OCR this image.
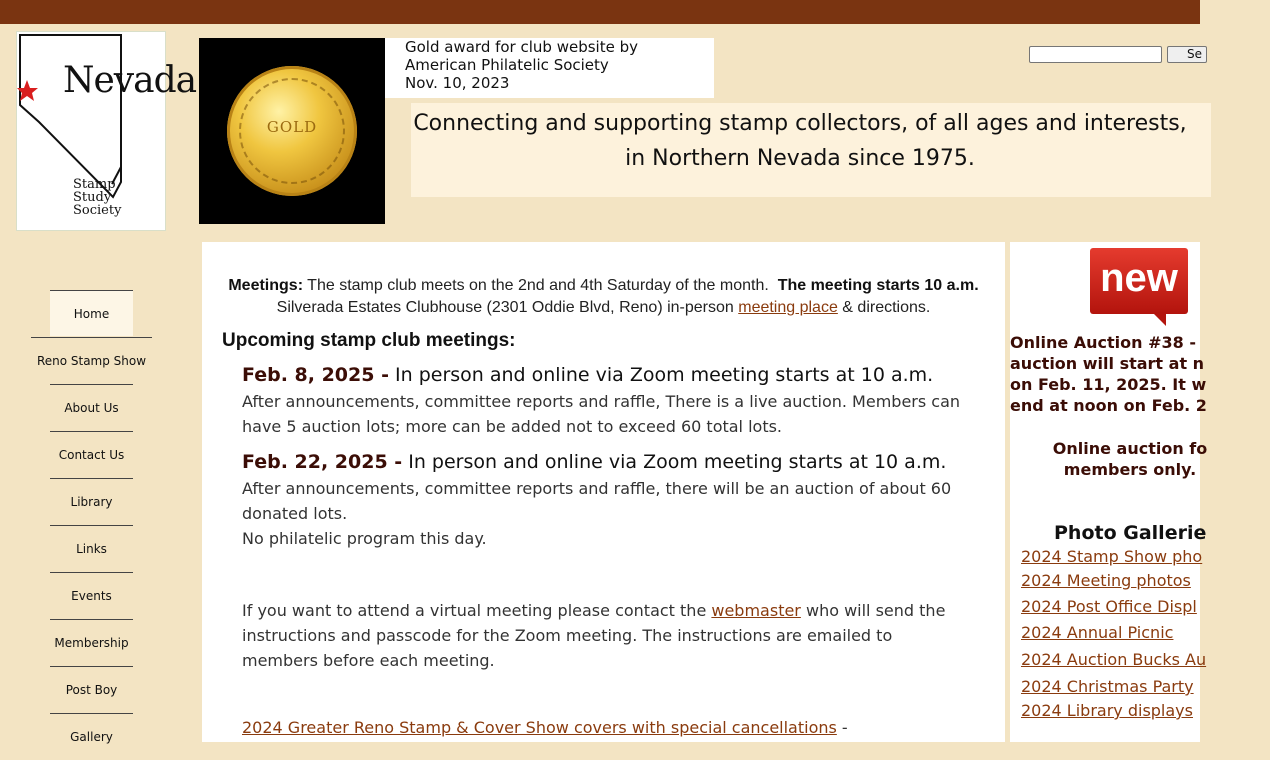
Nevada
Stamp
Study
Society
GOLD
Gold award for club website by
American Philatelic Society
Nov. 10, 2023
Connecting and supporting stamp collectors, of all ages and interests,
in Northern Nevada since 1975.
Se
Home
Reno Stamp Show
About Us
Contact Us
Library
Links
Events
Membership
Post Boy
Gallery
Meetings: The stamp club meets on the 2nd and 4th Saturday of the month.  The meeting starts 10 a.m.
Silverada Estates Clubhouse (2301 Oddie Blvd, Reno) in-person meeting place & directions.
Upcoming stamp club meetings:
Feb. 8, 2025 - In person and online via Zoom meeting starts at 10 a.m.
After announcements, committee reports and raffle, There is a live auction. Members can have 5 auction lots; more can be added not to exceed 60 total lots.
Feb. 22, 2025 - In person and online via Zoom meeting starts at 10 a.m.
After announcements, committee reports and raffle, there will be an auction of about 60 donated lots.
No philatelic program this day.
If you want to attend a virtual meeting please contact the webmaster who will send the instructions and passcode for the Zoom meeting. The instructions are emailed to members before each meeting.
2024 Greater Reno Stamp & Cover Show covers with special cancellations -
new
Online Auction #38 -
auction will start at n
on Feb. 11, 2025. It w
end at noon on Feb. 2
Online auction fo
members only.
Photo Gallerie
2024 Stamp Show pho
2024 Meeting photos
2024 Post Office Displ
2024 Annual Picnic
2024 Auction Bucks Au
2024 Christmas Party
2024 Library displays
